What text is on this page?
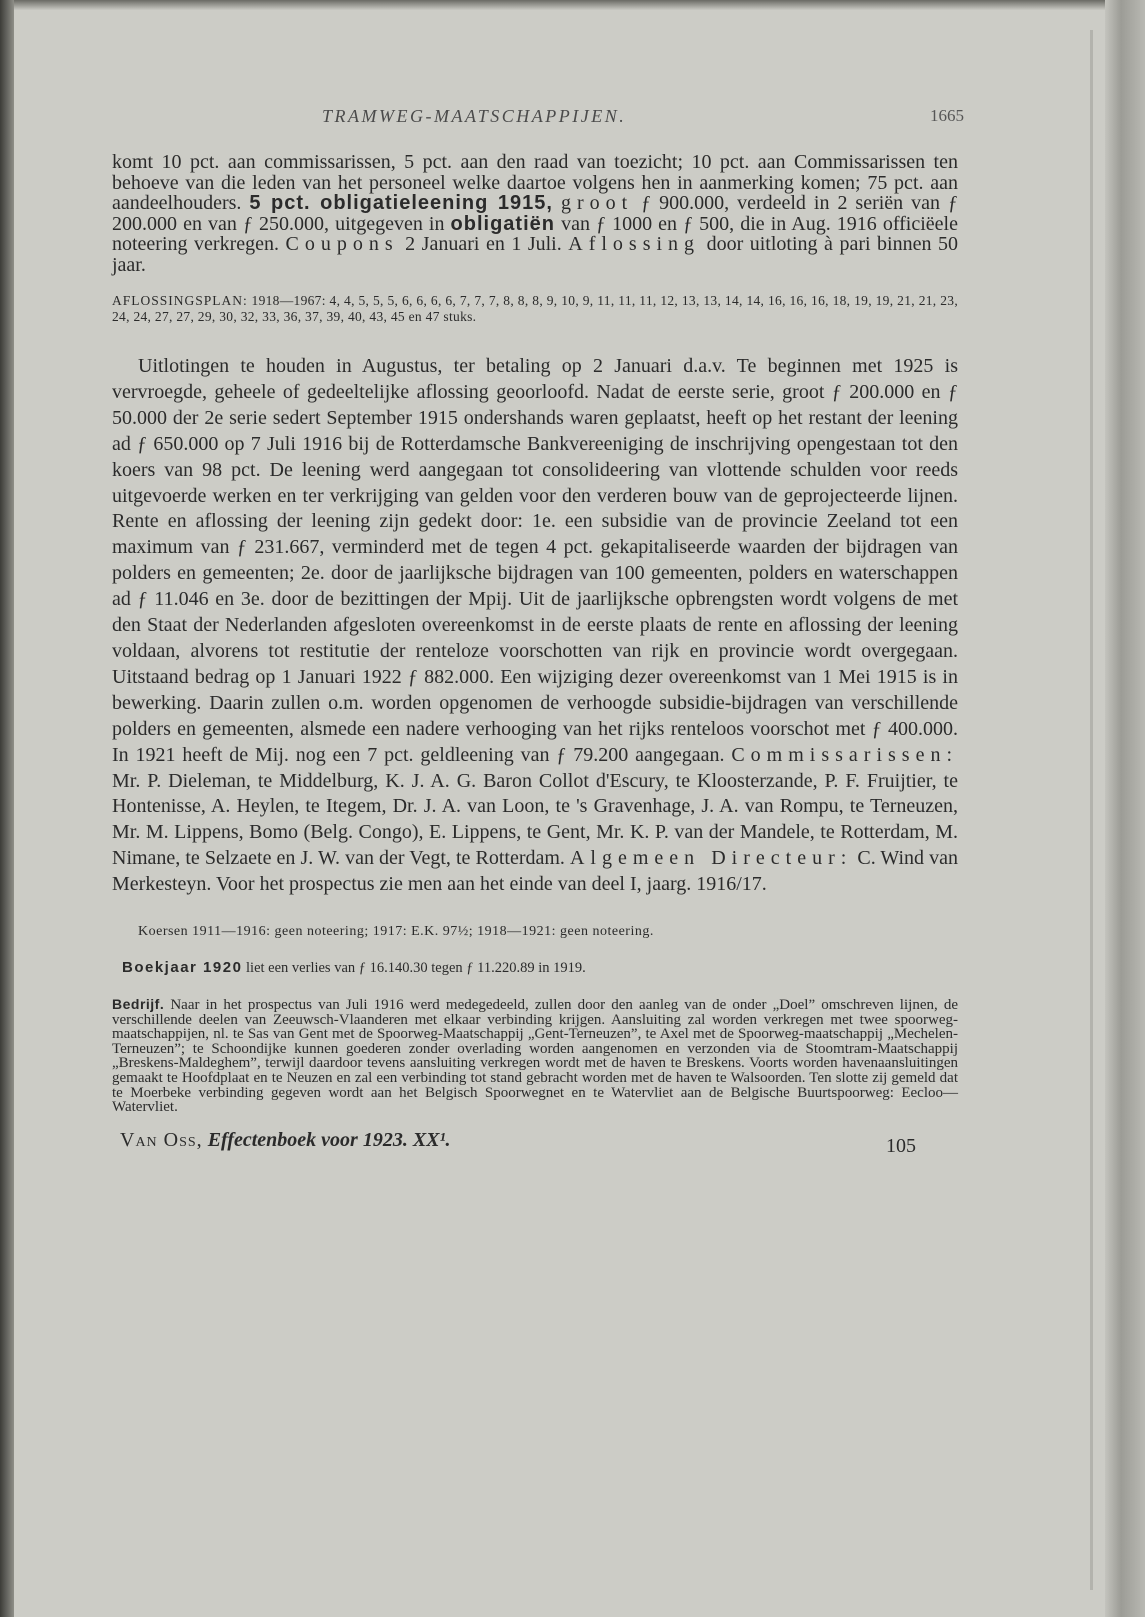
TRAMWEG-MAATSCHAPPIJEN.	1665

komt 10 pct. aan commissarissen, 5 pct. aan den raad van toezicht; 10 pct. aan Commissarissen ten behoeve van die leden van het personeel welke daartoe volgens hen in aanmerking komen; 75 pct. aan aandeelhouders. 5 pct. obligatieleening 1915, groot ƒ 900.000, verdeeld in 2 seriën van ƒ 200.000 en van ƒ 250.000, uitgegeven in obligatiën van ƒ 1000 en ƒ 500, die in Aug. 1916 officiëele noteering verkregen. Coupons 2 Januari en 1 Juli. Aflossing door uitloting à pari binnen 50 jaar.

AFLOSSINGSPLAN: 1918—1967: 4, 4, 5, 5, 5, 6, 6, 6, 6, 7, 7, 7, 8, 8, 8, 9, 10, 9, 11, 11, 11, 12, 13, 13, 14, 14, 16, 16, 16, 18, 19, 19, 21, 21, 23, 24, 24, 27, 27, 29, 30, 32, 33, 36, 37, 39, 40, 43, 45 en 47 stuks.

Uitlotingen te houden in Augustus, ter betaling op 2 Januari d.a.v. Te beginnen met 1925 is vervroegde, geheele of gedeeltelijke aflossing geoorloofd. Nadat de eerste serie, groot ƒ 200.000 en ƒ 50.000 der 2e serie sedert September 1915 ondershands waren geplaatst, heeft op het restant der leening ad ƒ 650.000 op 7 Juli 1916 bij de Rotterdamsche Bankvereeniging de inschrijving opengestaan tot den koers van 98 pct. De leening werd aangegaan tot consolideering van vlottende schulden voor reeds uitgevoerde werken en ter verkrijging van gelden voor den verderen bouw van de geprojecteerde lijnen. Rente en aflossing der leening zijn gedekt door: 1e. een subsidie van de provincie Zeeland tot een maximum van ƒ 231.667, verminderd met de tegen 4 pct. gekapitaliseerde waarden der bijdragen van polders en gemeenten; 2e. door de jaarlijksche bijdragen van 100 gemeenten, polders en waterschappen ad ƒ 11.046 en 3e. door de bezittingen der Mpij. Uit de jaarlijksche opbrengsten wordt volgens de met den Staat der Nederlanden afgesloten overeenkomst in de eerste plaats de rente en aflossing der leening voldaan, alvorens tot restitutie der renteloze voorschotten van rijk en provincie wordt overgegaan. Uitstaand bedrag op 1 Januari 1922 ƒ 882.000. Een wijziging dezer overeenkomst van 1 Mei 1915 is in bewerking. Daarin zullen o.m. worden opgenomen de verhoogde subsidie-bijdragen van verschillende polders en gemeenten, alsmede een nadere verhooging van het rijks renteloos voorschot met ƒ 400.000. In 1921 heeft de Mij. nog een 7 pct. geldleening van ƒ 79.200 aangegaan. Commissarissen: Mr. P. Dieleman, te Middelburg, K. J. A. G. Baron Collot d'Escury, te Kloosterzande, P. F. Fruijtier, te Hontenisse, A. Heylen, te Itegem, Dr. J. A. van Loon, te 's Gravenhage, J. A. van Rompu, te Terneuzen, Mr. M. Lippens, Bomo (Belg. Congo), E. Lippens, te Gent, Mr. K. P. van der Mandele, te Rotterdam, M. Nimane, te Selzaete en J. W. van der Vegt, te Rotterdam. Algemeen Directeur: C. Wind van Merkesteyn. Voor het prospectus zie men aan het einde van deel I, jaarg. 1916/17.

Koersen 1911—1916: geen noteering; 1917: E.K. 97½; 1918—1921: geen noteering.

Boekjaar 1920 liet een verlies van ƒ 16.140.30 tegen ƒ 11.220.89 in 1919.

Bedrijf. Naar in het prospectus van Juli 1916 werd medegedeeld, zullen door den aanleg van de onder „Doel” omschreven lijnen, de verschillende deelen van Zeeuwsch-Vlaanderen met elkaar verbinding krijgen. Aansluiting zal worden verkregen met twee spoorweg-maatschappijen, nl. te Sas van Gent met de Spoorweg-Maatschappij „Gent-Terneuzen”, te Axel met de Spoorweg-maatschappij „Mechelen-Terneuzen”; te Schoondijke kunnen goederen zonder overlading worden aangenomen en verzonden via de Stoomtram-Maatschappij „Breskens-Maldeghem”, terwijl daardoor tevens aansluiting verkregen wordt met de haven te Breskens. Voorts worden havenaansluitingen gemaakt te Hoofdplaat en te Neuzen en zal een verbinding tot stand gebracht worden met de haven te Walsoorden. Ten slotte zij gemeld dat te Moerbeke verbinding gegeven wordt aan het Belgisch Spoorwegnet en te Watervliet aan de Belgische Buurtspoorweg: Eecloo—Watervliet.

Van Oss, Effectenboek voor 1923. XX¹.	105
